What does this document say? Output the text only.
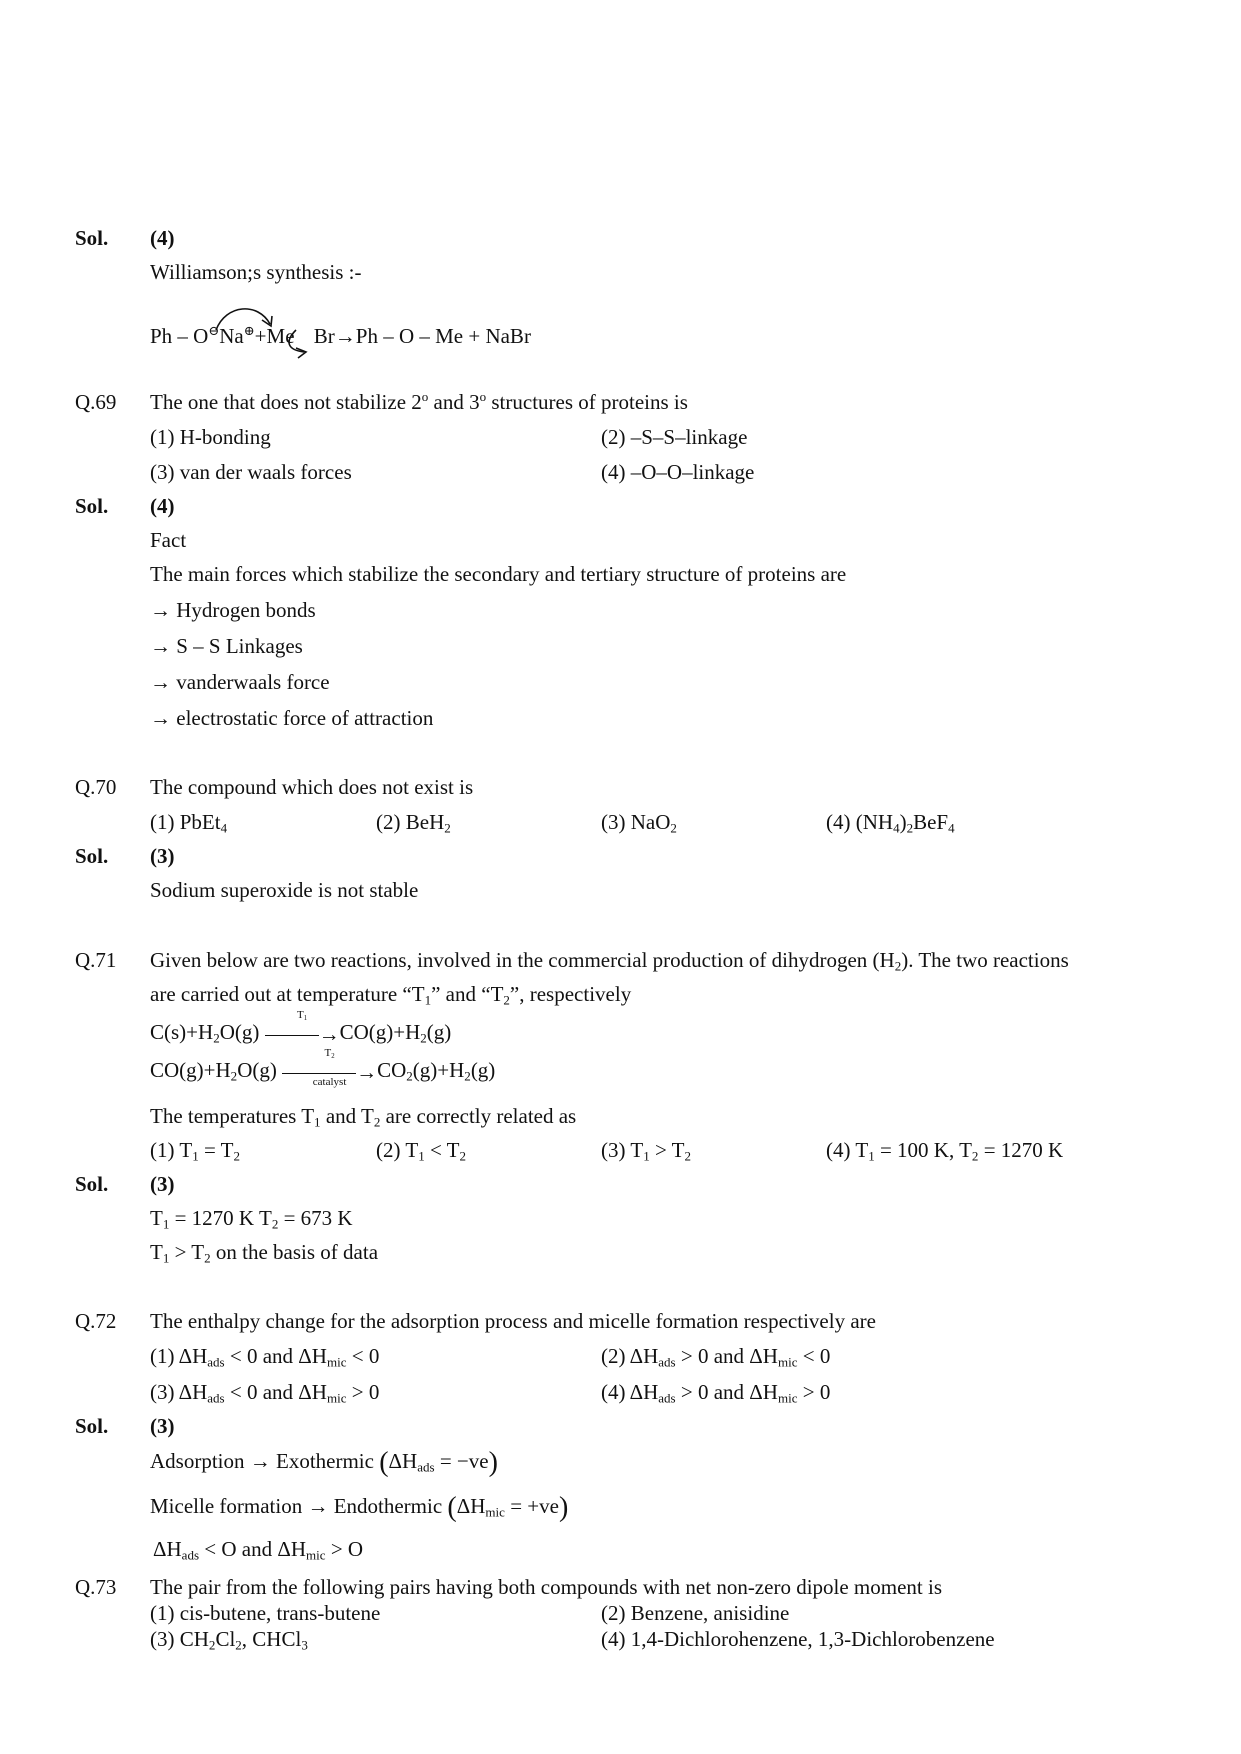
Sol. (4)
Williamson;s synthesis :-
Ph – O⊖Na⊕+Me Br→Ph – O – Me + NaBr
Q.69 The one that does not stabilize 2$^o$ and 3$^o$ structures of proteins is
(1) H-bonding	(2) –S–S–linkage
(3) van der waals forces	(4) –O–O–linkage
Sol. (4)
Fact
The main forces which stabilize the secondary and tertiary structure of proteins are
→ Hydrogen bonds
→ S – S Linkages
→ vanderwaals force
→ electrostatic force of attraction
Q.70 The compound which does not exist is
(1) PbEt$_4$	(2) BeH$_2$	(3) NaO$_2$	(4) $(NH_4)_2BeF_4$
Sol. (3)
Sodium superoxide is not stable
Q.71 Given below are two reactions, involved in the commercial production of dihydrogen $(H_2)$. The two reactions
are carried out at temperature “$T_1$” and “$T_2$”, respectively
$C(s)+H_2O(g)$
$T_1$
$\to CO(g)+H_2(g)$
$CO(g)+H_2O(g)$
$T_2$
→
catalyst	$CO_2(g)+H_2(g)$
The temperatures $T_1$ and $T_2$ are correctly related as
(1) $T_1 = T_2$	(2) $T_1 < T_2$	(3) $T_1 > T_2$	(4) $T_1 = 100$ K, $T_2 = 1270$ K
Sol. (3)
$T_1 = 1270$ K $T_2 = 673$ K
$T_1 > T_2$ on the basis of data
Q.72 The enthalpy change for the adsorption process and micelle formation respectively are
(1) $\Delta H_{ads} < 0$ and $\Delta H_{mic} < 0$	(2) $\Delta H_{ads} > 0$ and $\Delta H_{mic} < 0$
(3) $\Delta H_{ads} < 0$ and $\Delta H_{mic} > 0$	(4) $\Delta H_{ads} > 0$ and $\Delta H_{mic} > 0$
Sol. (3)
Adsorption → Exothermic $(\Delta H_{ads} = -ve)$
Micelle formation → Endothermic $(\Delta H_{mic} = +ve)$
$\Delta H_{ads} < O$ and $\Delta H_{mic} > O$
Q.73 The pair from the following pairs having both compounds with net non-zero dipole moment is
(1) cis-butene, trans-butene	(2) Benzene, anisidine
(3) $CH_2Cl_2$, CHCl$_3$	(4) 1,4-Dichlorohenzene, 1,3-Dichlorobenzene
